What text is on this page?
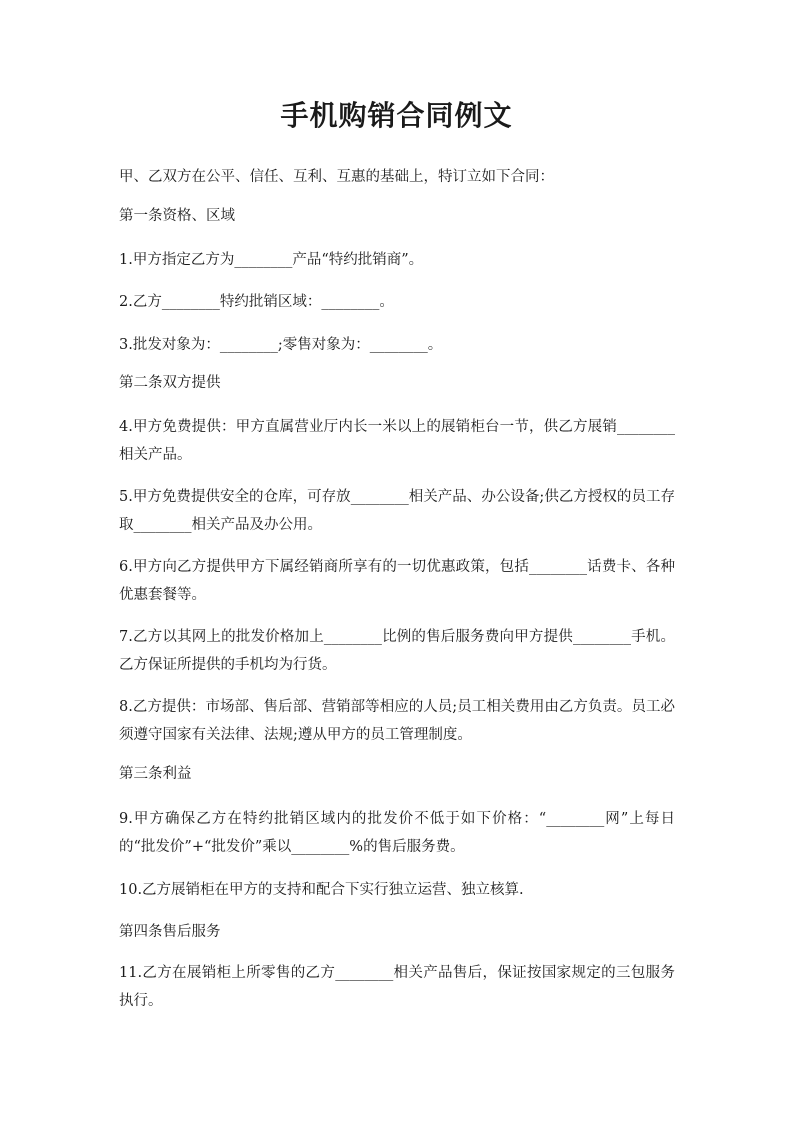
手机购销合同例文

甲、乙双方在公平、信任、互利、互惠的基础上，特订立如下合同：

第一条资格、区域

1.甲方指定乙方为________产品“特约批销商”。

2.乙方________特约批销区域：________。

3.批发对象为：________;零售对象为：________。

第二条双方提供

4.甲方免费提供：甲方直属营业厅内长一米以上的展销柜台一节，供乙方展销________相关产品。

5.甲方免费提供安全的仓库，可存放________相关产品、办公设备;供乙方授权的员工存取________相关产品及办公用。

6.甲方向乙方提供甲方下属经销商所享有的一切优惠政策，包括________话费卡、各种优惠套餐等。

7.乙方以其网上的批发价格加上________比例的售后服务费向甲方提供________手机。乙方保证所提供的手机均为行货。

8.乙方提供：市场部、售后部、营销部等相应的人员;员工相关费用由乙方负责。员工必须遵守国家有关法律、法规;遵从甲方的员工管理制度。

第三条利益

9.甲方确保乙方在特约批销区域内的批发价不低于如下价格：“________网”上每日的“批发价”+“批发价”乘以________%的售后服务费。

10.乙方展销柜在甲方的支持和配合下实行独立运营、独立核算.

第四条售后服务

11.乙方在展销柜上所零售的乙方________相关产品售后，保证按国家规定的三包服务执行。
